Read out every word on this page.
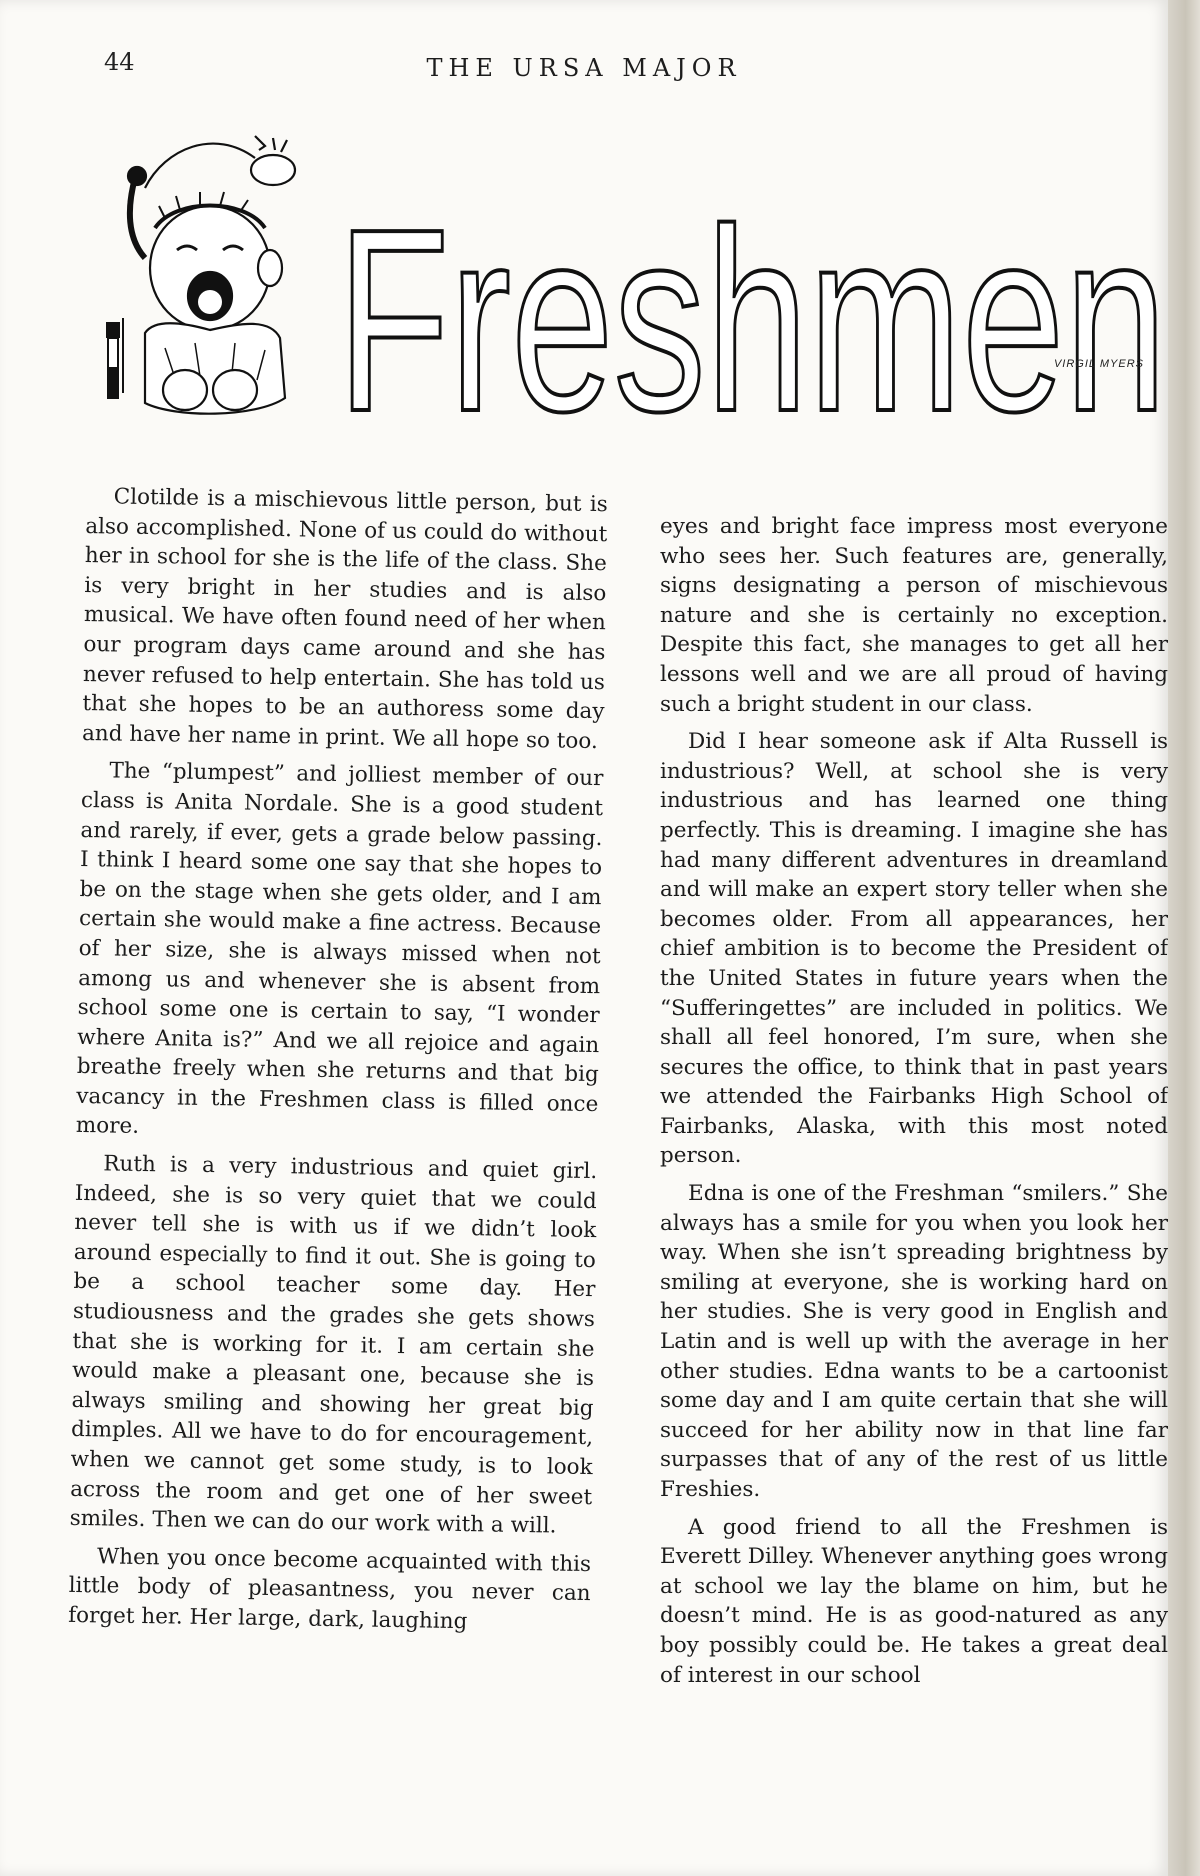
44	THE URSA MAJOR
Freshmen
VIRGIL MYERS

Clotilde is a mischievous little person, but is also accomplished. None of us could do without her in school for she is the life of the class. She is very bright in her studies and is also musical. We have often found need of her when our program days came around and she has never refused to help entertain. She has told us that she hopes to be an authoress some day and have her name in print. We all hope so too.

The “plumpest” and jolliest member of our class is Anita Nordale. She is a good student and rarely, if ever, gets a grade below passing. I think I heard some one say that she hopes to be on the stage when she gets older, and I am certain she would make a fine actress. Because of her size, she is always missed when not among us and whenever she is absent from school some one is certain to say, “I wonder where Anita is?” And we all rejoice and again breathe freely when she returns and that big vacancy in the Freshmen class is filled once more.

Ruth is a very industrious and quiet girl. Indeed, she is so very quiet that we could never tell she is with us if we didn’t look around especially to find it out. She is going to be a school teacher some day. Her studiousness and the grades she gets shows that she is working for it. I am certain she would make a pleasant one, because she is always smiling and showing her great big dimples. All we have to do for encouragement, when we cannot get some study, is to look across the room and get one of her sweet smiles. Then we can do our work with a will.

When you once become acquainted with this little body of pleasantness, you never can forget her. Her large, dark, laughing

eyes and bright face impress most everyone who sees her. Such features are, generally, signs designating a person of mischievous nature and she is certainly no exception. Despite this fact, she manages to get all her lessons well and we are all proud of having such a bright student in our class.

Did I hear someone ask if Alta Russell is industrious? Well, at school she is very industrious and has learned one thing perfectly. This is dreaming. I imagine she has had many different adventures in dreamland and will make an expert story teller when she becomes older. From all appearances, her chief ambition is to become the President of the United States in future years when the “Sufferingettes” are included in politics. We shall all feel honored, I’m sure, when she secures the office, to think that in past years we attended the Fairbanks High School of Fairbanks, Alaska, with this most noted person.

Edna is one of the Freshman “smilers.” She always has a smile for you when you look her way. When she isn’t spreading brightness by smiling at everyone, she is working hard on her studies. She is very good in English and Latin and is well up with the average in her other studies. Edna wants to be a cartoonist some day and I am quite certain that she will succeed for her ability now in that line far surpasses that of any of the rest of us little Freshies.

A good friend to all the Freshmen is Everett Dilley. Whenever anything goes wrong at school we lay the blame on him, but he doesn’t mind. He is as good-natured as any boy possibly could be. He takes a great deal of interest in our school
